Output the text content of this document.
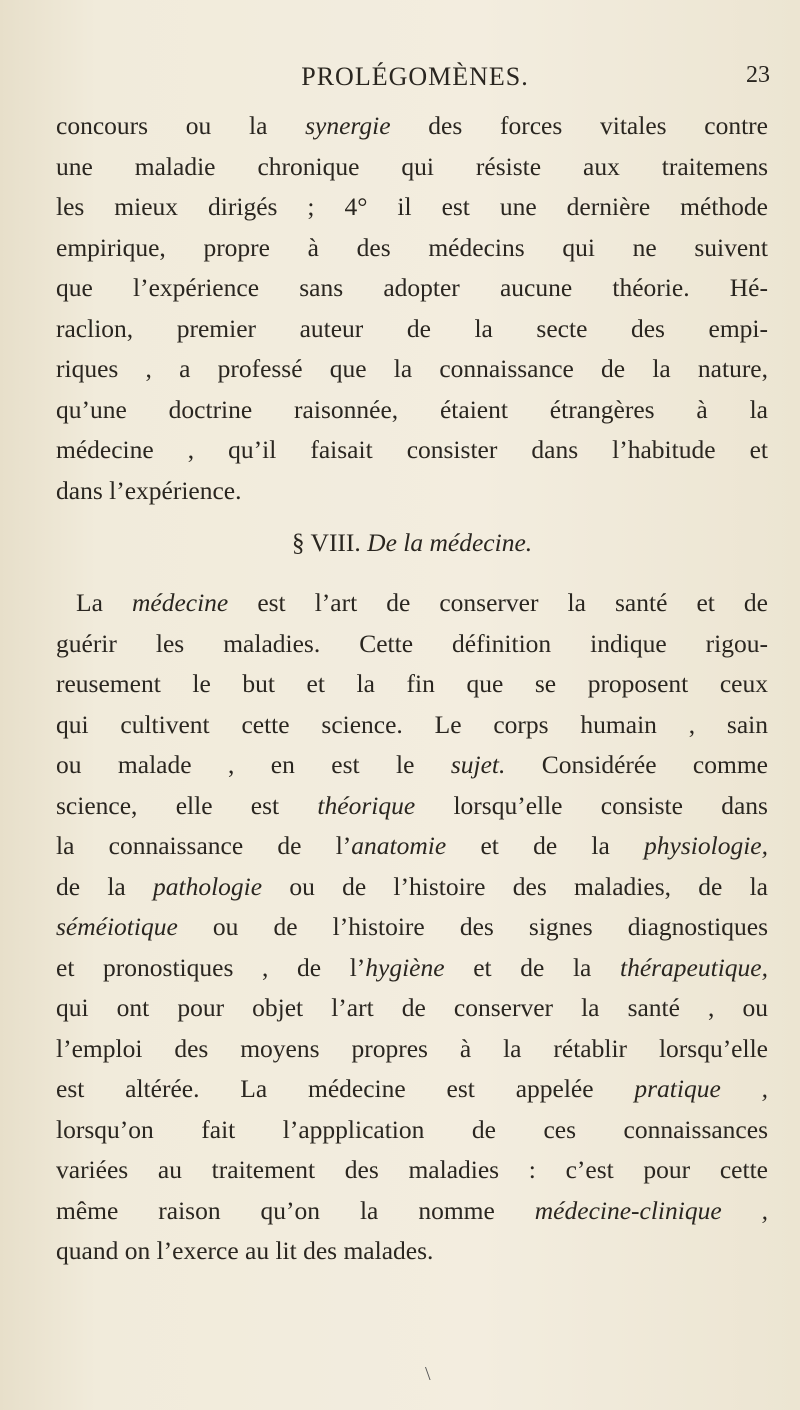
PROLÉGOMÈNES.	23
concours ou la synergie des forces vitales contre
une maladie chronique qui résiste aux traitemens
les mieux dirigés ; 4° il est une dernière méthode
empirique, propre à des médecins qui ne suivent
que l’expérience sans adopter aucune théorie. Hé-
raclion, premier auteur de la secte des empi-
riques , a professé que la connaissance de la nature,
qu’une doctrine raisonnée, étaient étrangères à la
médecine , qu’il faisait consister dans l’habitude et
dans l’expérience.
§ VIII. De la médecine.
La médecine est l’art de conserver la santé et de
guérir les maladies. Cette définition indique rigou-
reusement le but et la fin que se proposent ceux
qui cultivent cette science. Le corps humain , sain
ou malade , en est le sujet. Considérée comme
science, elle est théorique lorsqu’elle consiste dans
la connaissance de l’anatomie et de la physiologie,
de la pathologie ou de l’histoire des maladies, de la
séméiotique ou de l’histoire des signes diagnostiques
et pronostiques , de l’hygiène et de la thérapeutique,
qui ont pour objet l’art de conserver la santé , ou
l’emploi des moyens propres à la rétablir lorsqu’elle
est altérée. La médecine est appelée pratique ,
lorsqu’on fait l’appplication de ces connaissances
variées au traitement des maladies : c’est pour cette
même raison qu’on la nomme médecine-clinique ,
quand on l’exerce au lit des malades.
\
